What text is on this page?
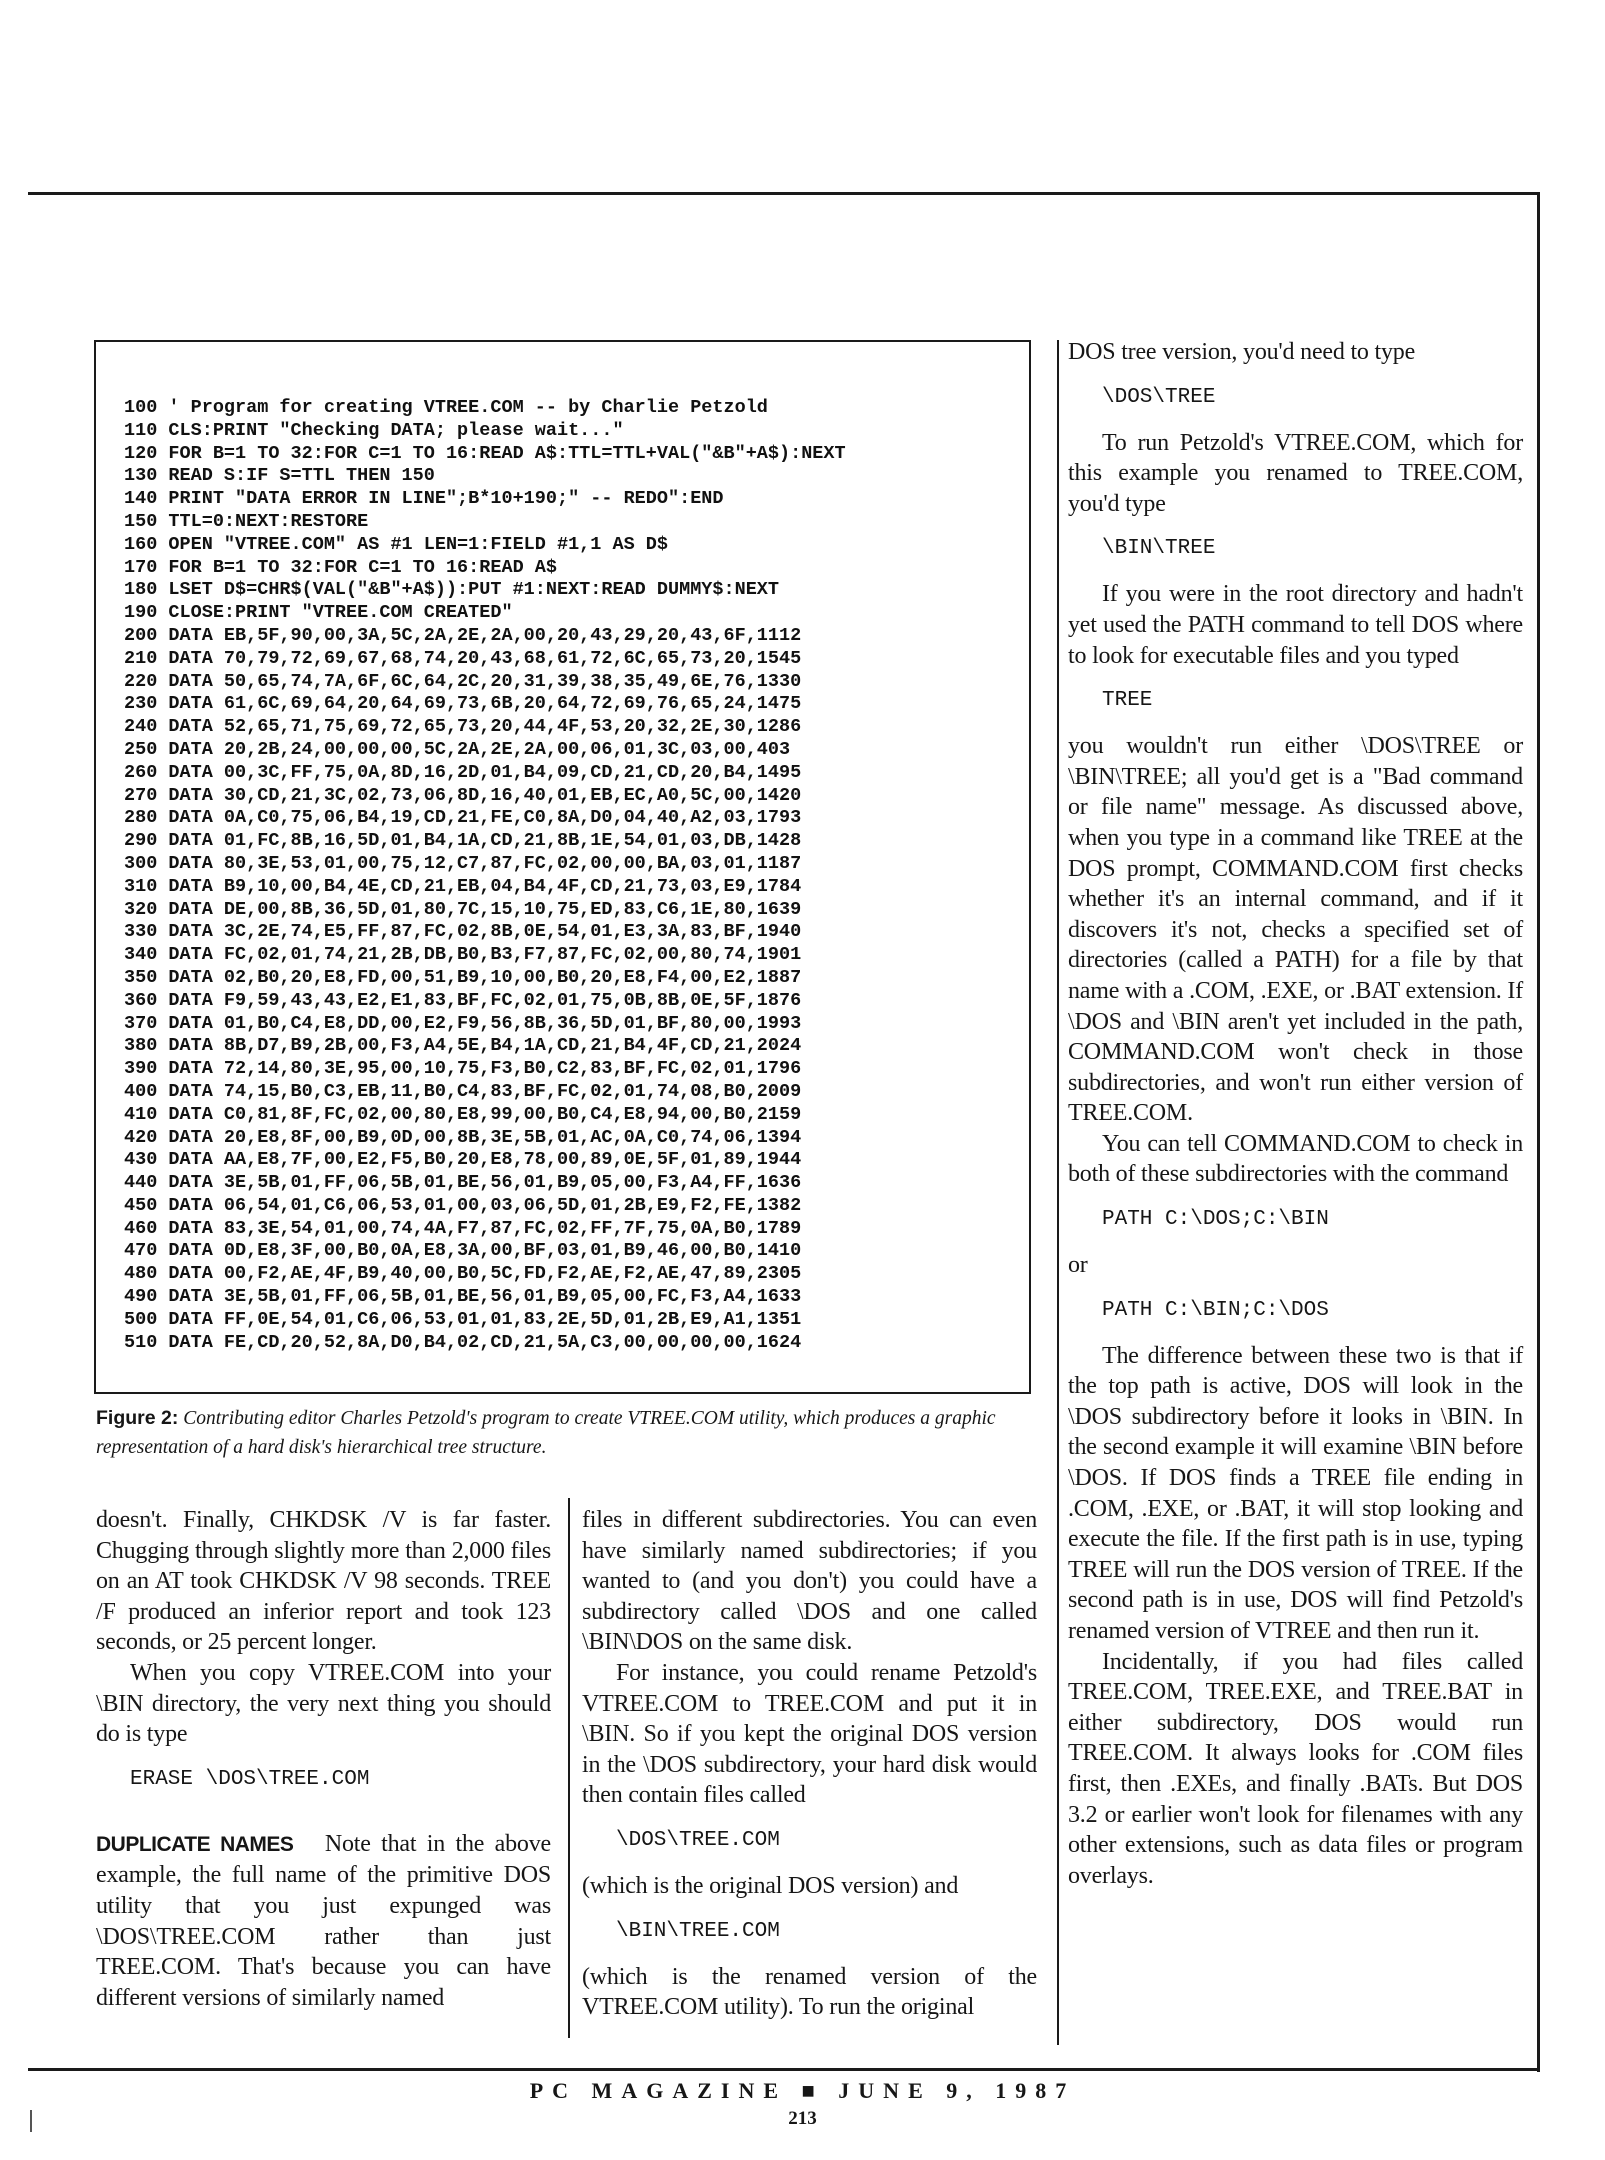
100 ' Program for creating VTREE.COM -- by Charlie Petzold
110 CLS:PRINT "Checking DATA; please wait..."
120 FOR B=1 TO 32:FOR C=1 TO 16:READ A$:TTL=TTL+VAL("&B"+A$):NEXT
130 READ S:IF S=TTL THEN 150
140 PRINT "DATA ERROR IN LINE";B*10+190;" -- REDO":END
150 TTL=0:NEXT:RESTORE
160 OPEN "VTREE.COM" AS #1 LEN=1:FIELD #1,1 AS D$
170 FOR B=1 TO 32:FOR C=1 TO 16:READ A$
180 LSET D$=CHR$(VAL("&B"+A$)):PUT #1:NEXT:READ DUMMY$:NEXT
190 CLOSE:PRINT "VTREE.COM CREATED"
200 DATA EB,5F,90,00,3A,5C,2A,2E,2A,00,20,43,29,20,43,6F,1112
210 DATA 70,79,72,69,67,68,74,20,43,68,61,72,6C,65,73,20,1545
220 DATA 50,65,74,7A,6F,6C,64,2C,20,31,39,38,35,49,6E,76,1330
230 DATA 61,6C,69,64,20,64,69,73,6B,20,64,72,69,76,65,24,1475
240 DATA 52,65,71,75,69,72,65,73,20,44,4F,53,20,32,2E,30,1286
250 DATA 20,2B,24,00,00,00,5C,2A,2E,2A,00,06,01,3C,03,00,403
260 DATA 00,3C,FF,75,0A,8D,16,2D,01,B4,09,CD,21,CD,20,B4,1495
270 DATA 30,CD,21,3C,02,73,06,8D,16,40,01,EB,EC,A0,5C,00,1420
280 DATA 0A,C0,75,06,B4,19,CD,21,FE,C0,8A,D0,04,40,A2,03,1793
290 DATA 01,FC,8B,16,5D,01,B4,1A,CD,21,8B,1E,54,01,03,DB,1428
300 DATA 80,3E,53,01,00,75,12,C7,87,FC,02,00,00,BA,03,01,1187
310 DATA B9,10,00,B4,4E,CD,21,EB,04,B4,4F,CD,21,73,03,E9,1784
320 DATA DE,00,8B,36,5D,01,80,7C,15,10,75,ED,83,C6,1E,80,1639
330 DATA 3C,2E,74,E5,FF,87,FC,02,8B,0E,54,01,E3,3A,83,BF,1940
340 DATA FC,02,01,74,21,2B,DB,B0,B3,F7,87,FC,02,00,80,74,1901
350 DATA 02,B0,20,E8,FD,00,51,B9,10,00,B0,20,E8,F4,00,E2,1887
360 DATA F9,59,43,43,E2,E1,83,BF,FC,02,01,75,0B,8B,0E,5F,1876
370 DATA 01,B0,C4,E8,DD,00,E2,F9,56,8B,36,5D,01,BF,80,00,1993
380 DATA 8B,D7,B9,2B,00,F3,A4,5E,B4,1A,CD,21,B4,4F,CD,21,2024
390 DATA 72,14,80,3E,95,00,10,75,F3,B0,C2,83,BF,FC,02,01,1796
400 DATA 74,15,B0,C3,EB,11,B0,C4,83,BF,FC,02,01,74,08,B0,2009
410 DATA C0,81,8F,FC,02,00,80,E8,99,00,B0,C4,E8,94,00,B0,2159
420 DATA 20,E8,8F,00,B9,0D,00,8B,3E,5B,01,AC,0A,C0,74,06,1394
430 DATA AA,E8,7F,00,E2,F5,B0,20,E8,78,00,89,0E,5F,01,89,1944
440 DATA 3E,5B,01,FF,06,5B,01,BE,56,01,B9,05,00,F3,A4,FF,1636
450 DATA 06,54,01,C6,06,53,01,00,03,06,5D,01,2B,E9,F2,FE,1382
460 DATA 83,3E,54,01,00,74,4A,F7,87,FC,02,FF,7F,75,0A,B0,1789
470 DATA 0D,E8,3F,00,B0,0A,E8,3A,00,BF,03,01,B9,46,00,B0,1410
480 DATA 00,F2,AE,4F,B9,40,00,B0,5C,FD,F2,AE,F2,AE,47,89,2305
490 DATA 3E,5B,01,FF,06,5B,01,BE,56,01,B9,05,00,FC,F3,A4,1633
500 DATA FF,0E,54,01,C6,06,53,01,01,83,2E,5D,01,2B,E9,A1,1351
510 DATA FE,CD,20,52,8A,D0,B4,02,CD,21,5A,C3,00,00,00,00,1624
Figure 2: Contributing editor Charles Petzold's program to create VTREE.COM utility, which produces a graphic representation of a hard disk's hierarchical tree structure.

doesn't. Finally, CHKDSK /V is far faster. Chugging through slightly more than 2,000 files on an AT took CHKDSK /V 98 seconds. TREE /F produced an inferior report and took 123 seconds, or 25 percent longer.

When you copy VTREE.COM into your \BIN directory, the very next thing you should do is type

ERASE \DOS\TREE.COM

DUPLICATE NAMES Note that in the above example, the full name of the primitive DOS utility that you just expunged was \DOS\TREE.COM rather than just TREE.COM. That's because you can have different versions of similarly named

files in different subdirectories. You can even have similarly named subdirectories; if you wanted to (and you don't) you could have a subdirectory called \DOS and one called \BIN\DOS on the same disk.

For instance, you could rename Petzold's VTREE.COM to TREE.COM and put it in \BIN. So if you kept the original DOS version in the \DOS subdirectory, your hard disk would then contain files called

\DOS\TREE.COM

(which is the original DOS version) and

\BIN\TREE.COM

(which is the renamed version of the VTREE.COM utility). To run the original

DOS tree version, you'd need to type

\DOS\TREE

To run Petzold's VTREE.COM, which for this example you renamed to TREE.COM, you'd type

\BIN\TREE

If you were in the root directory and hadn't yet used the PATH command to tell DOS where to look for executable files and you typed

TREE

you wouldn't run either \DOS\TREE or \BIN\TREE; all you'd get is a "Bad command or file name" message. As discussed above, when you type in a command like TREE at the DOS prompt, COMMAND.COM first checks whether it's an internal command, and if it discovers it's not, checks a specified set of directories (called a PATH) for a file by that name with a .COM, .EXE, or .BAT extension. If \DOS and \BIN aren't yet included in the path, COMMAND.COM won't check in those subdirectories, and won't run either version of TREE.COM.

You can tell COMMAND.COM to check in both of these subdirectories with the command

PATH C:\DOS;C:\BIN

or

PATH C:\BIN;C:\DOS

The difference between these two is that if the top path is active, DOS will look in the \DOS subdirectory before it looks in \BIN. In the second example it will examine \BIN before \DOS. If DOS finds a TREE file ending in .COM, .EXE, or .BAT, it will stop looking and execute the file. If the first path is in use, typing TREE will run the DOS version of TREE. If the second path is in use, DOS will find Petzold's renamed version of VTREE and then run it.

Incidentally, if you had files called TREE.COM, TREE.EXE, and TREE.BAT in either subdirectory, DOS would run TREE.COM. It always looks for .COM files first, then .EXEs, and finally .BATs. But DOS 3.2 or earlier won't look for filenames with any other extensions, such as data files or program overlays.

PC MAGAZINE ■ JUNE 9, 1987
213
